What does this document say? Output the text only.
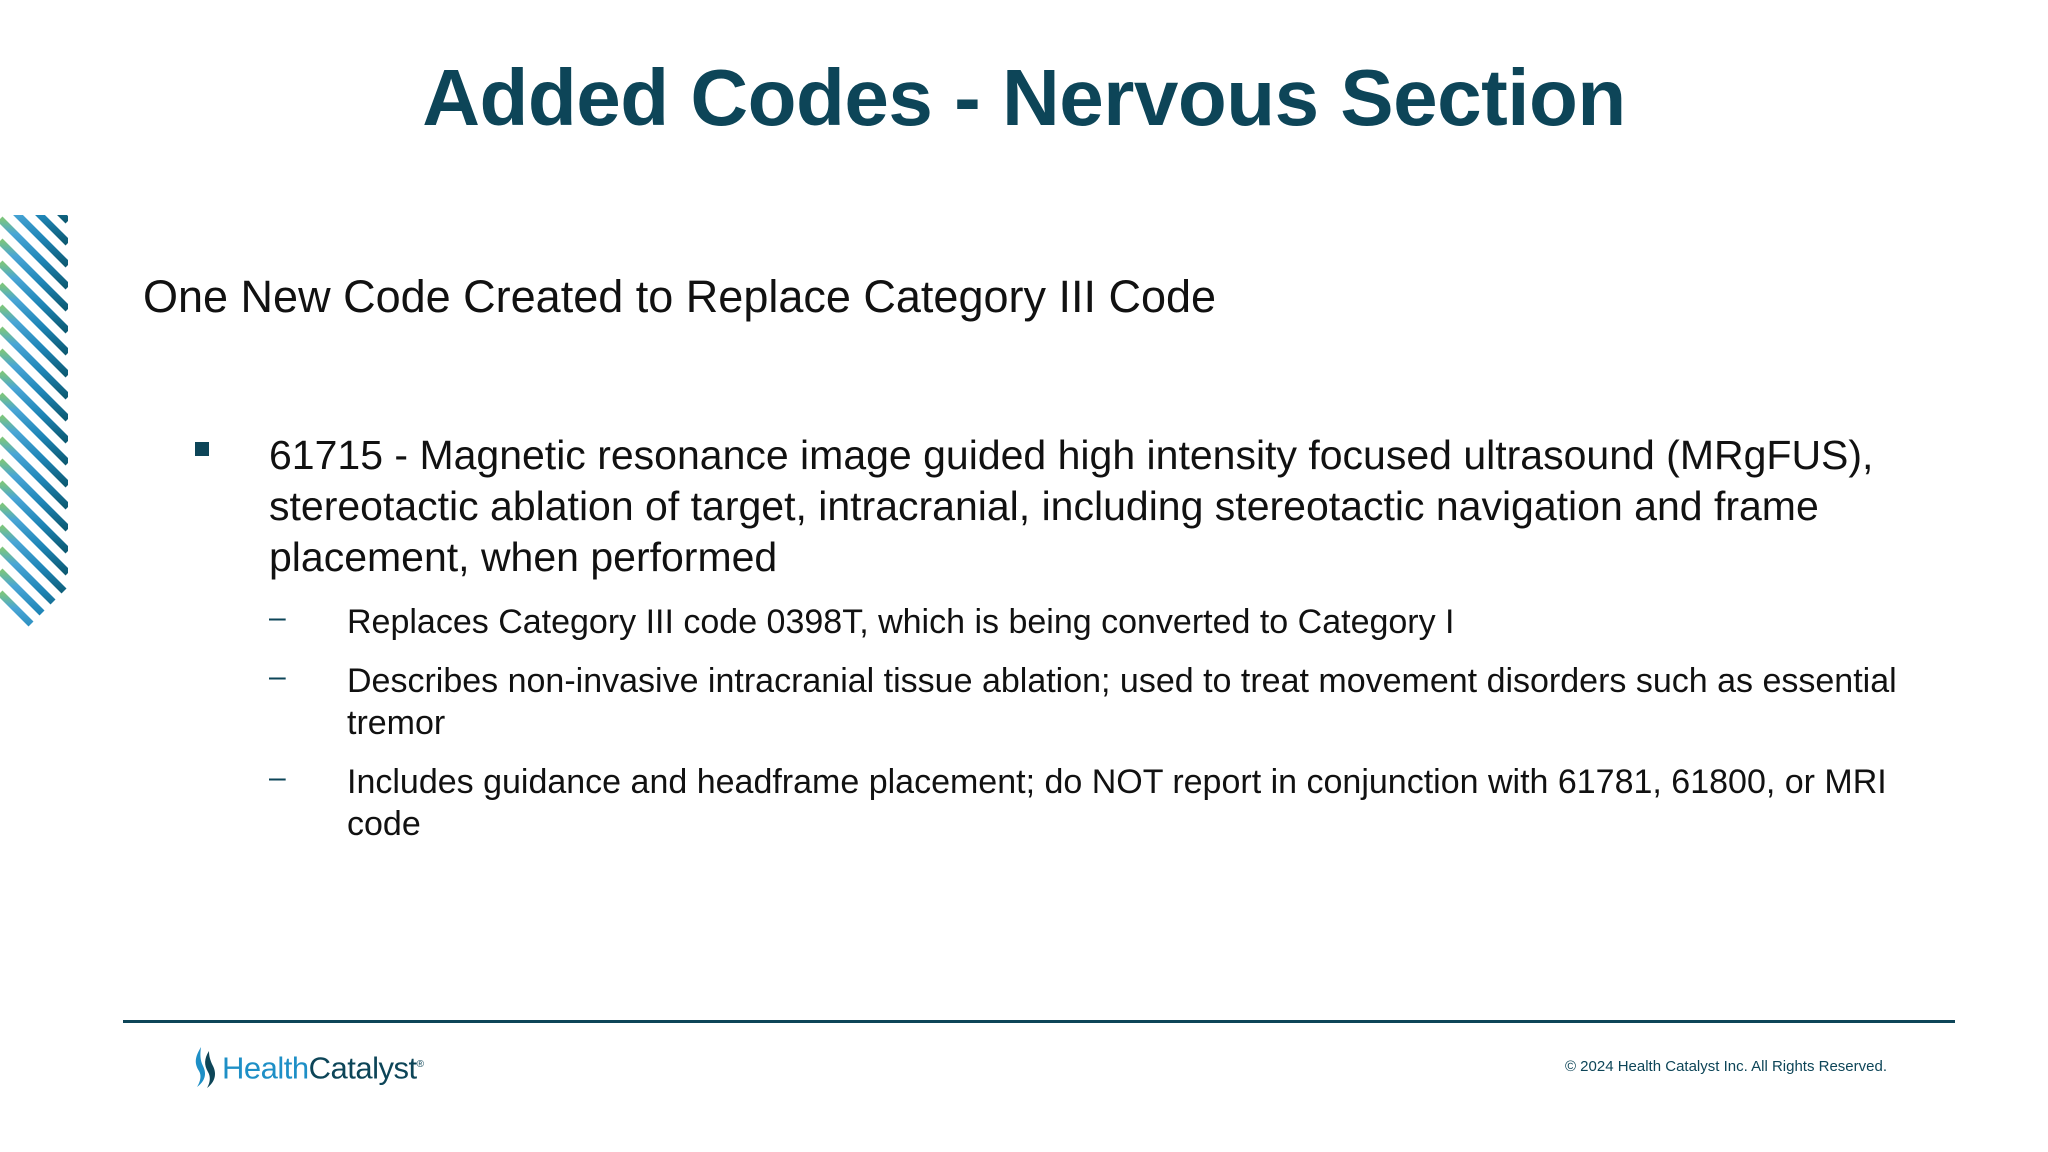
Added Codes - Nervous Section

One New Code Created to Replace Category III Code

61715 - Magnetic resonance image guided high intensity focused ultrasound (MRgFUS), stereotactic ablation of target, intracranial, including stereotactic navigation and frame placement, when performed
– Replaces Category III code 0398T, which is being converted to Category I
– Describes non-invasive intracranial tissue ablation; used to treat movement disorders such as essential tremor
– Includes guidance and headframe placement; do NOT report in conjunction with 61781, 61800, or MRI code
HealthCatalyst®	© 2024 Health Catalyst Inc. All Rights Reserved.
